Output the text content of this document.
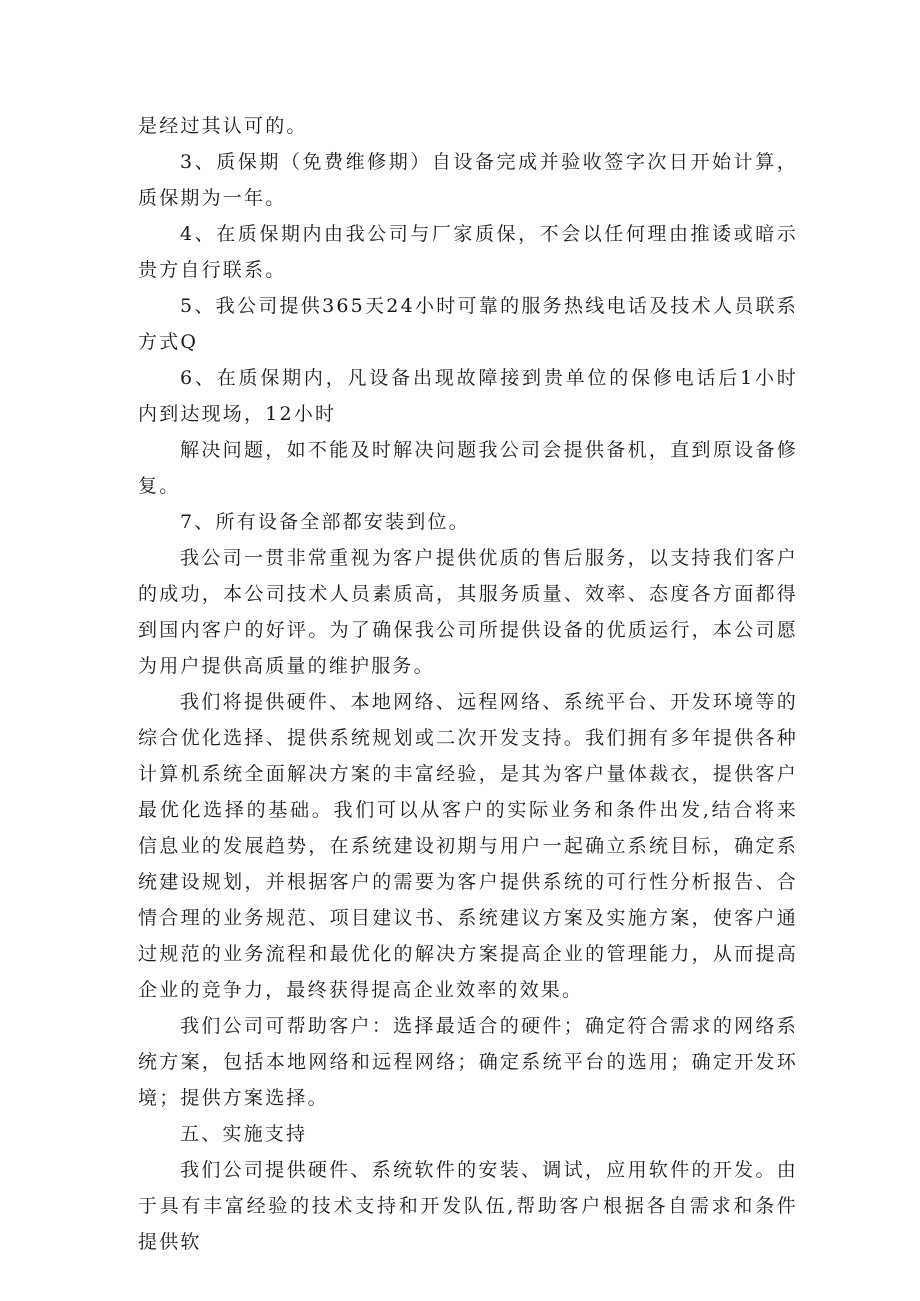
是经过其认可的。

3、质保期（免费维修期）自设备完成并验收签字次日开始计算，质保期为一年。

4、在质保期内由我公司与厂家质保，不会以任何理由推诿或暗示贵方自行联系。

5、我公司提供365天24小时可靠的服务热线电话及技术人员联系方式Q

6、在质保期内，凡设备出现故障接到贵单位的保修电话后1小时内到达现场，12小时

解决问题，如不能及时解决问题我公司会提供备机，直到原设备修复。

7、所有设备全部都安装到位。

我公司一贯非常重视为客户提供优质的售后服务，以支持我们客户的成功，本公司技术人员素质高，其服务质量、效率、态度各方面都得到国内客户的好评。为了确保我公司所提供设备的优质运行，本公司愿为用户提供高质量的维护服务。

我们将提供硬件、本地网络、远程网络、系统平台、开发环境等的综合优化选择、提供系统规划或二次开发支持。我们拥有多年提供各种计算机系统全面解决方案的丰富经验，是其为客户量体裁衣，提供客户最优化选择的基础。我们可以从客户的实际业务和条件出发,结合将来信息业的发展趋势，在系统建设初期与用户一起确立系统目标，确定系统建设规划，并根据客户的需要为客户提供系统的可行性分析报告、合情合理的业务规范、项目建议书、系统建议方案及实施方案，使客户通过规范的业务流程和最优化的解决方案提高企业的管理能力，从而提高企业的竞争力，最终获得提高企业效率的效果。

我们公司可帮助客户：选择最适合的硬件；确定符合需求的网络系统方案，包括本地网络和远程网络；确定系统平台的选用；确定开发环境；提供方案选择。

五、实施支持

我们公司提供硬件、系统软件的安装、调试，应用软件的开发。由于具有丰富经验的技术支持和开发队伍,帮助客户根据各自需求和条件提供软
